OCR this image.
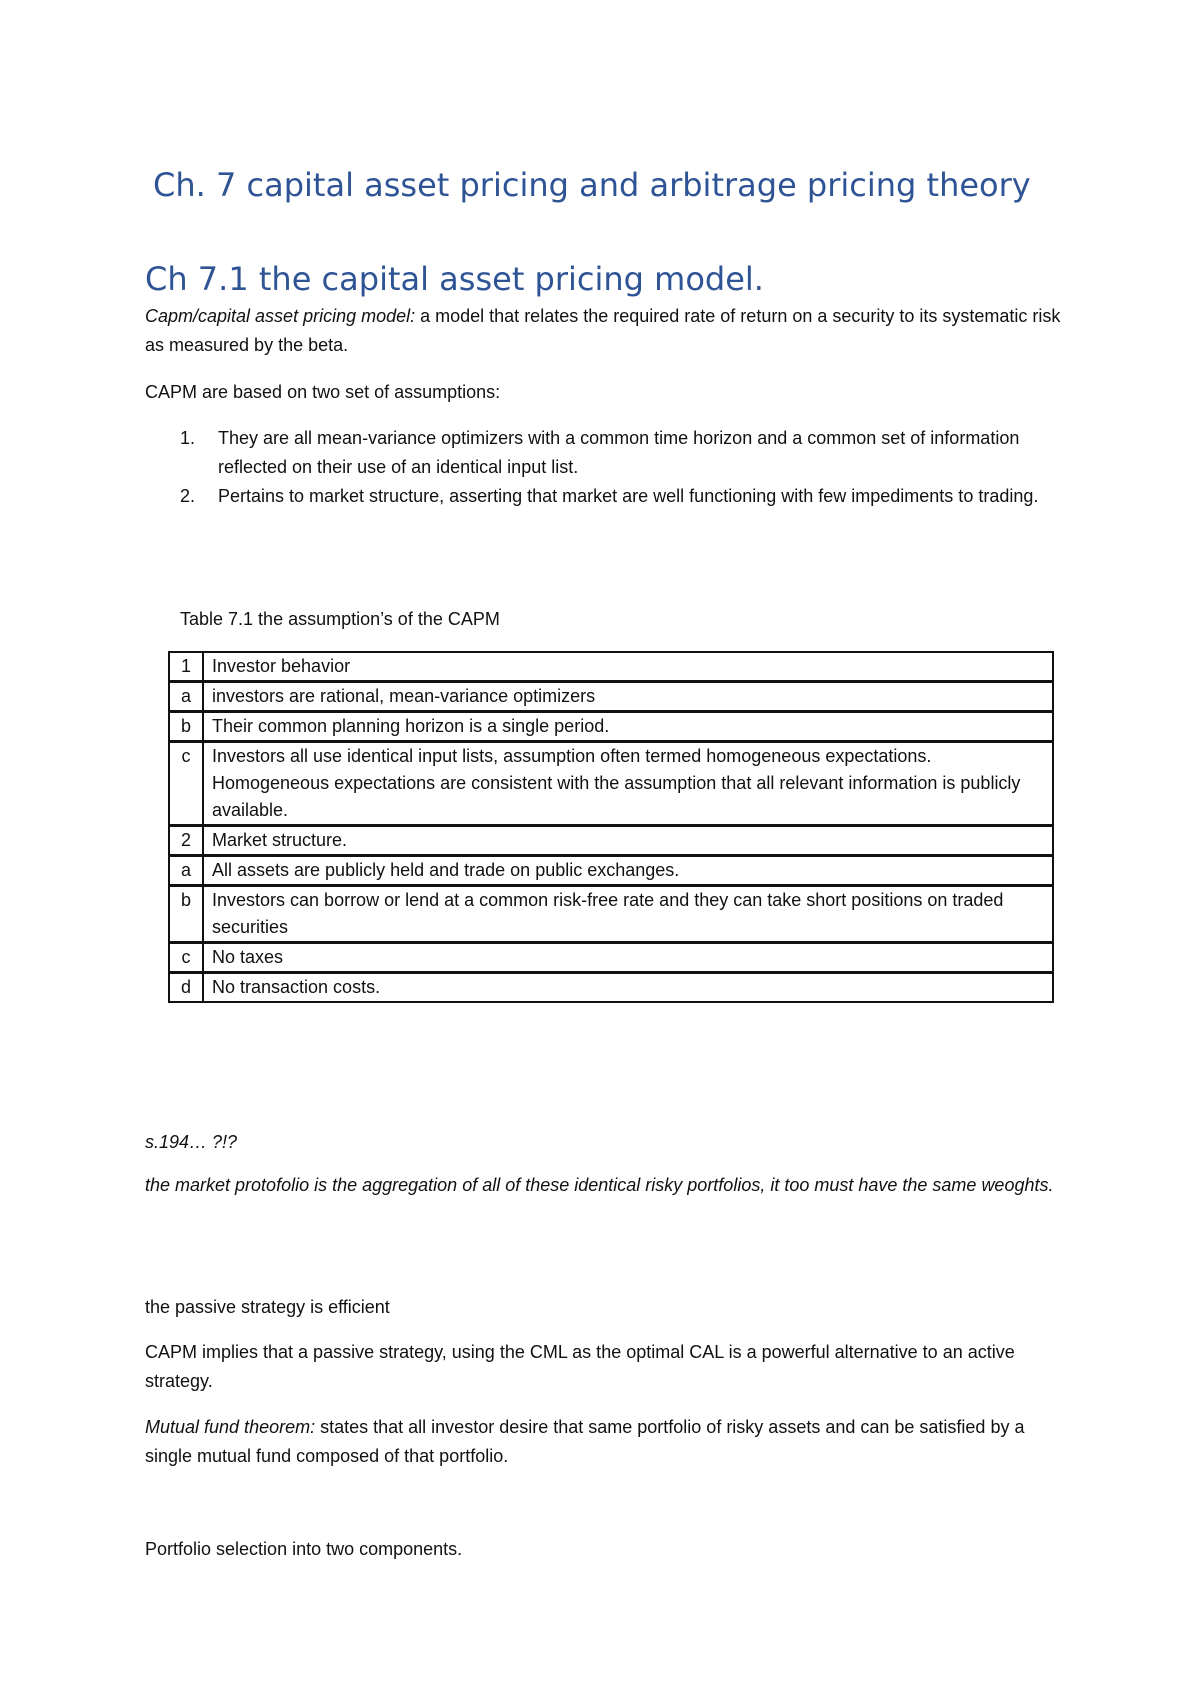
Ch. 7 capital asset pricing and arbitrage pricing theory
Ch 7.1 the capital asset pricing model.

Capm/capital asset pricing model: a model that relates the required rate of return on a security to its systematic risk as measured by the beta.

CAPM are based on two set of assumptions:

1. They are all mean-variance optimizers with a common time horizon and a common set of information reflected on their use of an identical input list.
2. Pertains to market structure, asserting that market are well functioning with few impediments to trading.

Table 7.1 the assumption’s of the CAPM

1	Investor behavior
a	investors are rational, mean-variance optimizers
b	Their common planning horizon is a single period.
c	Investors all use identical input lists, assumption often termed homogeneous expectations. Homogeneous expectations are consistent with the assumption that all relevant information is publicly available.
2	Market structure.
a	All assets are publicly held and trade on public exchanges.
b	Investors can borrow or lend at a common risk-free rate and they can take short positions on traded securities
c	No taxes
d	No transaction costs.

s.194… ?!?

the market protofolio is the aggregation of all of these identical risky portfolios, it too must have the same weoghts.

the passive strategy is efficient

CAPM implies that a passive strategy, using the CML as the optimal CAL is a powerful alternative to an active strategy.

Mutual fund theorem: states that all investor desire that same portfolio of risky assets and can be satisfied by a single mutual fund composed of that portfolio.

Portfolio selection into two components.
